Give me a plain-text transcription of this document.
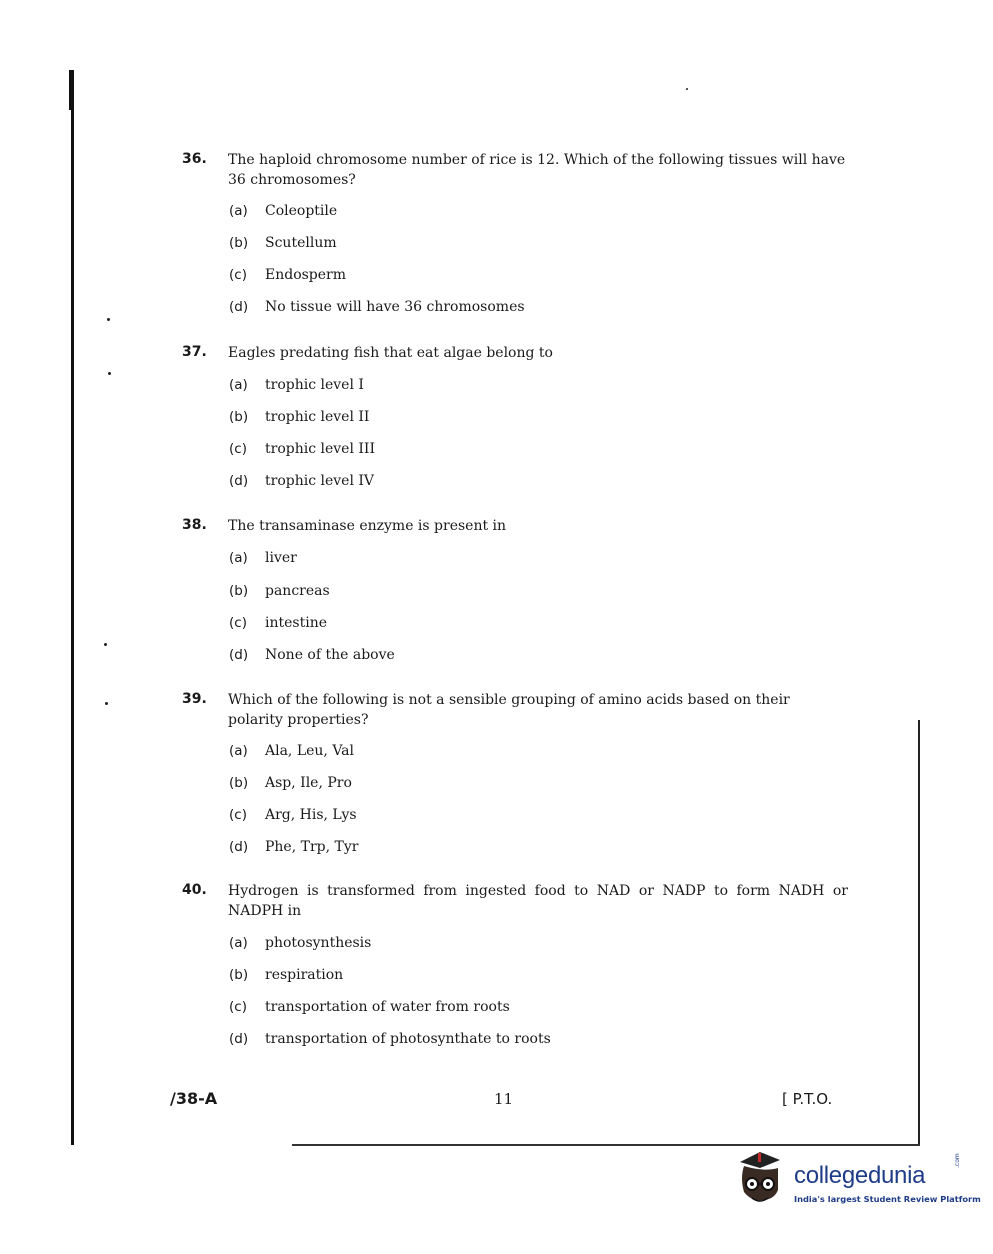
36. The haploid chromosome number of rice is 12. Which of the following tissues will have 36 chromosomes?
(a) Coleoptile
(b) Scutellum
(c) Endosperm
(d) No tissue will have 36 chromosomes
37. Eagles predating fish that eat algae belong to
(a) trophic level I
(b) trophic level II
(c) trophic level III
(d) trophic level IV
38. The transaminase enzyme is present in
(a) liver
(b) pancreas
(c) intestine
(d) None of the above
39. Which of the following is not a sensible grouping of amino acids based on their polarity properties?
(a) Ala, Leu, Val
(b) Asp, Ile, Pro
(c) Arg, His, Lys
(d) Phe, Trp, Tyr
40. Hydrogen is transformed from ingested food to NAD or NADP to form NADH or NADPH in
(a) photosynthesis
(b) respiration
(c) transportation of water from roots
(d) transportation of photosynthate to roots
/38-A	11	[ P.T.O.
collegedunia
.com
India's largest Student Review Platform
